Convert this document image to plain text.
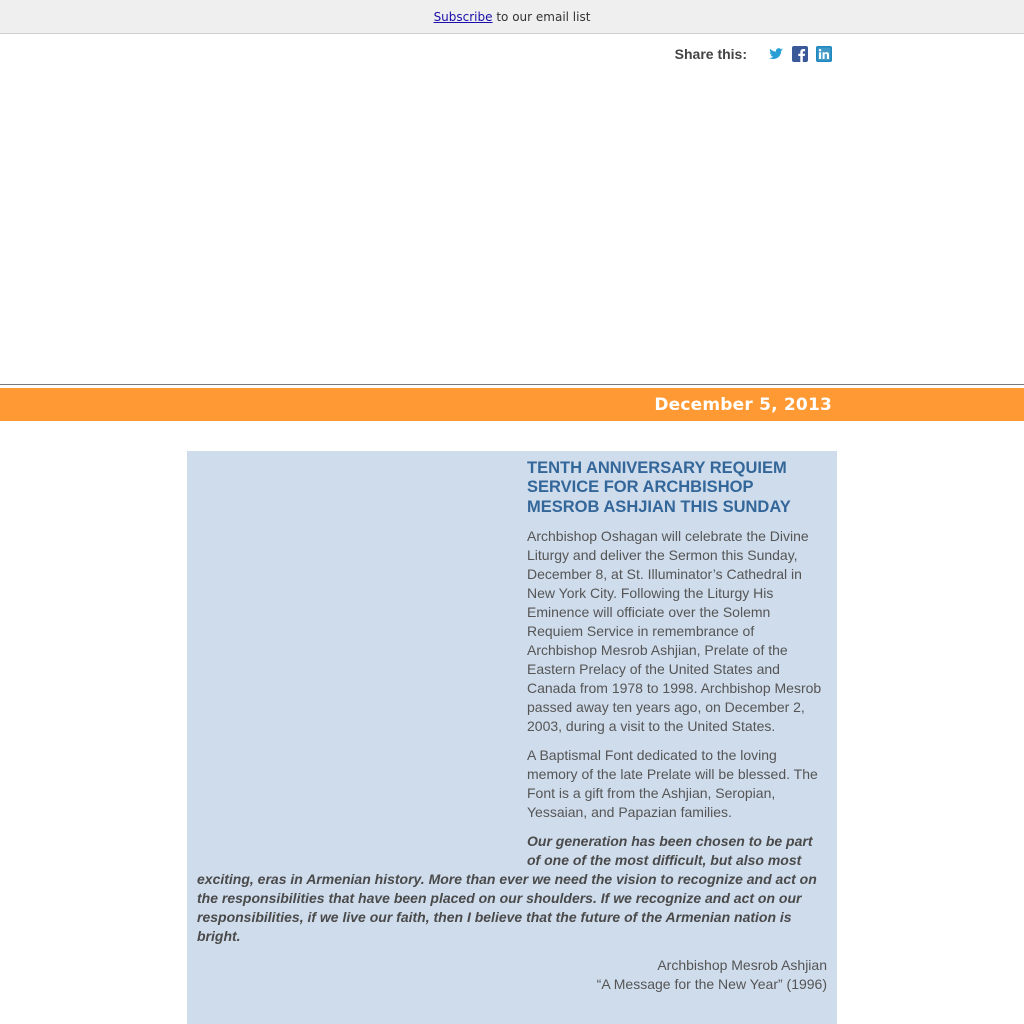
Subscribe to our email list
Share this:
December 5, 2013
TENTH ANNIVERSARY REQUIEM SERVICE FOR ARCHBISHOP MESROB ASHJIAN THIS SUNDAY

Archbishop Oshagan will celebrate the Divine Liturgy and deliver the Sermon this Sunday, December 8, at St. Illuminator’s Cathedral in New York City. Following the Liturgy His Eminence will officiate over the Solemn Requiem Service in remembrance of Archbishop Mesrob Ashjian, Prelate of the Eastern Prelacy of the United States and Canada from 1978 to 1998. Archbishop Mesrob passed away ten years ago, on December 2, 2003, during a visit to the United States.

A Baptismal Font dedicated to the loving memory of the late Prelate will be blessed. The Font is a gift from the Ashjian, Seropian, Yessaian, and Papazian families.

Our generation has been chosen to be part of one of the most difficult, but also most exciting, eras in Armenian history. More than ever we need the vision to recognize and act on the responsibilities that have been placed on our shoulders. If we recognize and act on our responsibilities, if we live our faith, then I believe that the future of the Armenian nation is bright.

Archbishop Mesrob Ashjian
“A Message for the New Year” (1996)
